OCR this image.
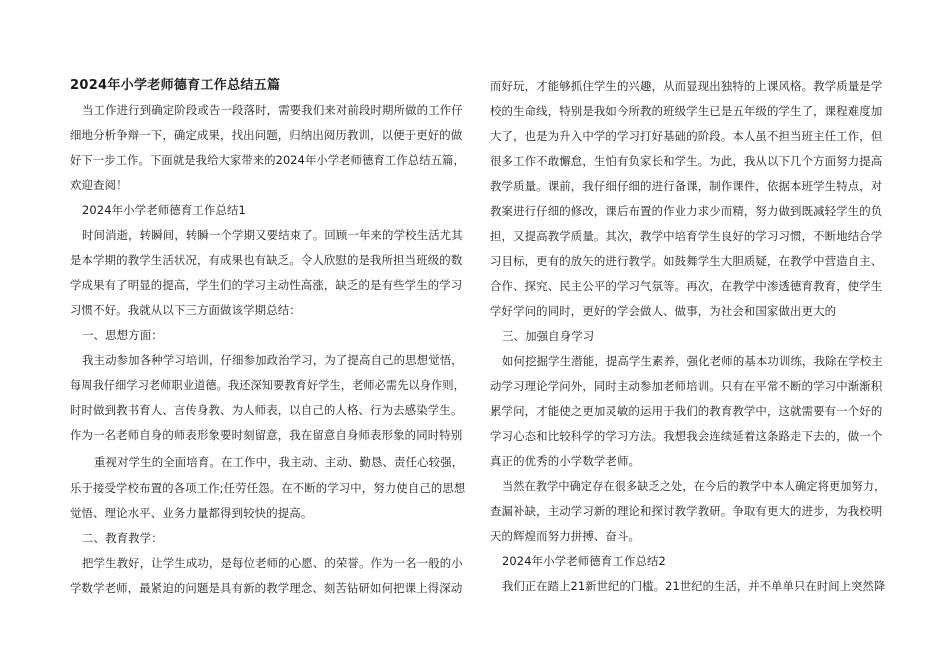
2024年小学老师德育工作总结五篇
当工作进行到确定阶段或告一段落时，需要我们来对前段时期所做的工作仔
细地分析争辩一下，确定成果，找出问题，归纳出阅历教训，以便于更好的做
好下一步工作。下面就是我给大家带来的2024年小学老师德育工作总结五篇，
欢迎查阅！
2024年小学老师德育工作总结1
时间消逝，转瞬间，转瞬一个学期又要结束了。回顾一年来的学校生活尤其
是本学期的教学生活状况，有成果也有缺乏。令人欣慰的是我所担当班级的数
学成果有了明显的提高，学生们的学习主动性高涨，缺乏的是有些学生的学习
习惯不好。我就从以下三方面做该学期总结：
一、思想方面：
我主动参加各种学习培训，仔细参加政治学习，为了提高自己的思想觉悟，
每周我仔细学习老师职业道德。我还深知要教育好学生，老师必需先以身作则，
时时做到教书育人、言传身教、为人师表，以自己的人格、行为去感染学生。
作为一名老师自身的师表形象要时刻留意，我在留意自身师表形象的同时特别
重视对学生的全面培育。在工作中，我主动、主动、勤恳、责任心较强，
乐于接受学校布置的各项工作;任劳任怨。在不断的学习中，努力使自己的思想
觉悟、理论水平、业务力量都得到较快的提高。
二、教育教学：
把学生教好，让学生成功，是每位老师的心愿、的荣誉。作为一名一般的小
学数学老师，最紧迫的问题是具有新的教学理念、刻苦钻研如何把课上得深动
而好玩，才能够抓住学生的兴趣，从而显现出独特的上课风格。教学质量是学
校的生命线，特别是我如今所教的班级学生已是五年级的学生了，课程难度加
大了，也是为升入中学的学习打好基础的阶段。本人虽不担当班主任工作，但
很多工作不敢懈怠，生怕有负家长和学生。为此，我从以下几个方面努力提高
教学质量。课前，我仔细仔细的进行备课，制作课件，依据本班学生特点，对
教案进行仔细的修改，课后布置的作业力求少而精，努力做到既减轻学生的负
担，又提高教学质量。其次，教学中培育学生良好的学习习惯，不断地结合学
习目标，更有的放矢的进行教学。如鼓舞学生大胆质疑，在教学中营造自主、
合作、探究、民主公平的学习气氛等。再次，在教学中渗透德育教育，使学生
学好学问的同时，更好的学会做人、做事，为社会和国家做出更大的
三、加强自身学习
如何挖掘学生潜能，提高学生素养，强化老师的基本功训练，我除在学校主
动学习理论学问外，同时主动参加老师培训。只有在平常不断的学习中渐渐积
累学问，才能使之更加灵敏的运用于我们的教育教学中，这就需要有一个好的
学习心态和比较科学的学习方法。我想我会连续延着这条路走下去的，做一个
真正的优秀的小学数学老师。
当然在教学中确定存在很多缺乏之处，在今后的教学中本人确定将更加努力，
查漏补缺，主动学习新的理论和探讨教学教研。争取有更大的进步，为我校明
天的辉煌而努力拼搏、奋斗。
2024年小学老师德育工作总结2
我们正在踏上21新世纪的门槛。21世纪的生活，并不单单只在时间上突然降
